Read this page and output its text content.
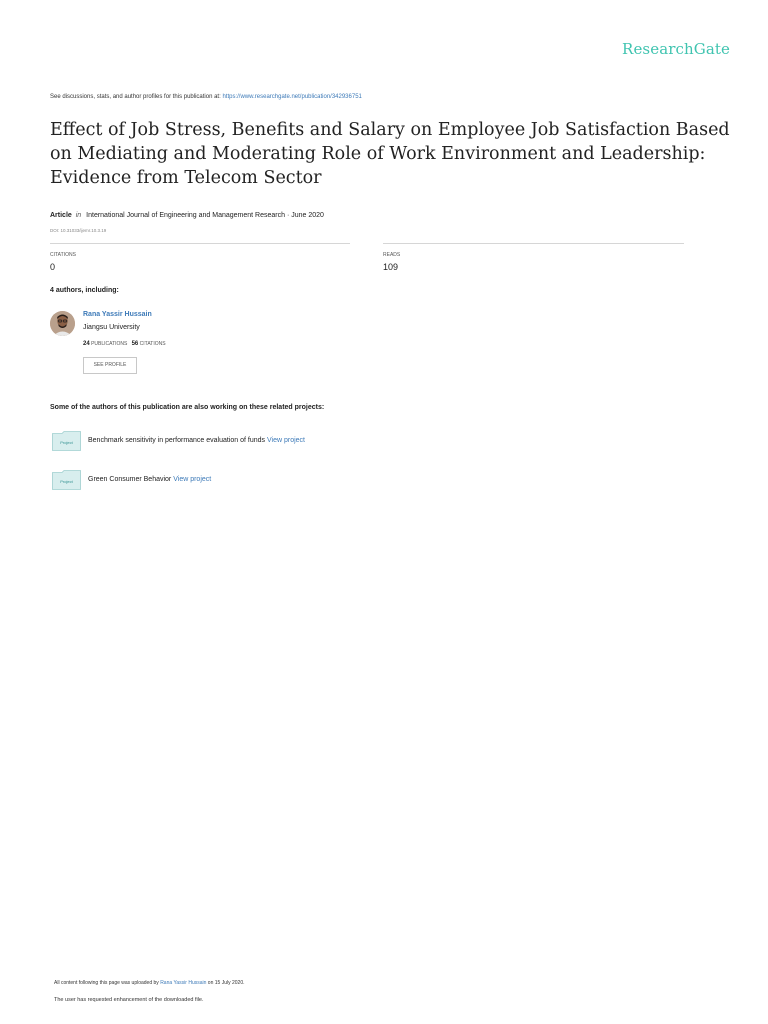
ResearchGate
See discussions, stats, and author profiles for this publication at: https://www.researchgate.net/publication/342936751
Effect of Job Stress, Benefits and Salary on Employee Job Satisfaction Based on Mediating and Moderating Role of Work Environment and Leadership: Evidence from Telecom Sector
Article in International Journal of Engineering and Management Research · June 2020
DOI: 10.31033/ijemr.10.3.19
CITATIONS
0
READS
109
4 authors, including:
Rana Yassir Hussain
Jiangsu University
24 PUBLICATIONS 56 CITATIONS
SEE PROFILE
Some of the authors of this publication are also working on these related projects:
Project Benchmark sensitivity in performance evaluation of funds View project
Project Green Consumer Behavior View project
All content following this page was uploaded by Rana Yassir Hussain on 15 July 2020.
The user has requested enhancement of the downloaded file.
